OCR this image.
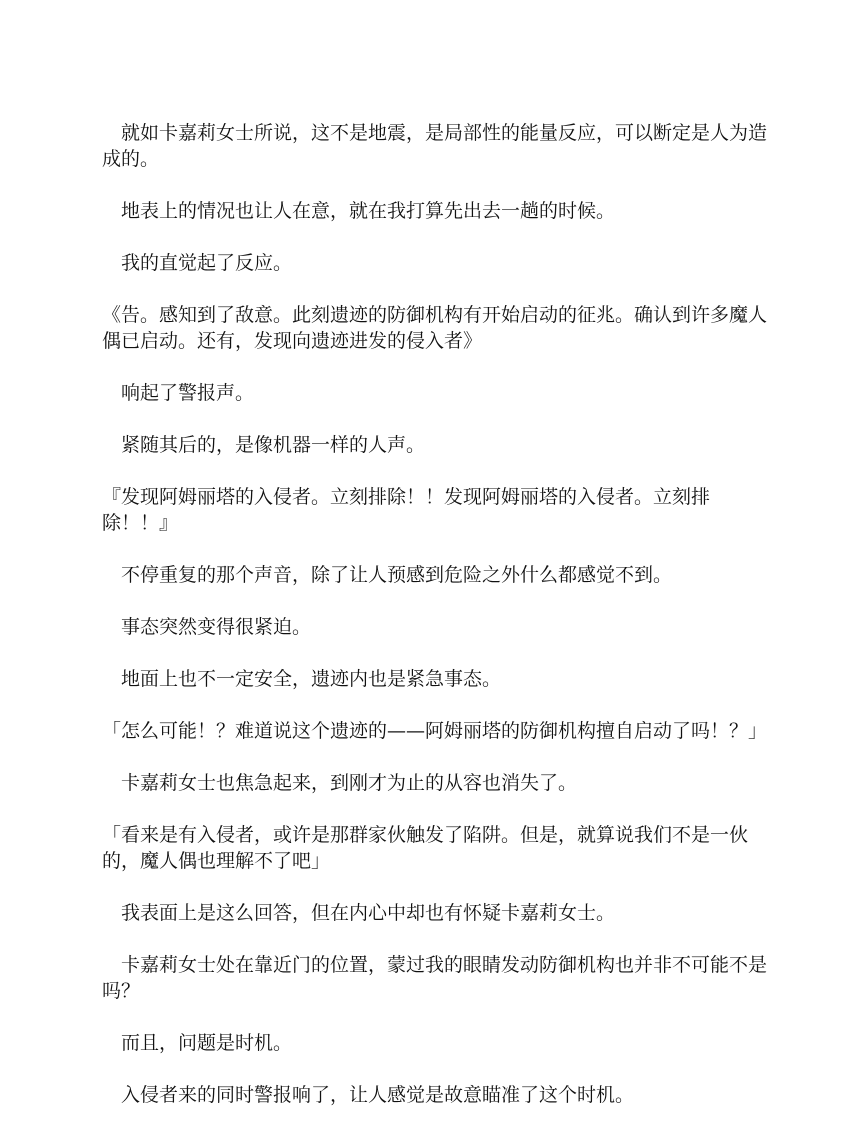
就如卡嘉莉女士所说，这不是地震，是局部性的能量反应，可以断定是人为造成的。

地表上的情况也让人在意，就在我打算先出去一趟的时候。

我的直觉起了反应。

《告。感知到了敌意。此刻遗迹的防御机构有开始启动的征兆。确认到许多魔人偶已启动。还有，发现向遗迹进发的侵入者》

响起了警报声。

紧随其后的，是像机器一样的人声。

『发现阿姆丽塔的入侵者。立刻排除！！发现阿姆丽塔的入侵者。立刻排除！！』

不停重复的那个声音，除了让人预感到危险之外什么都感觉不到。

事态突然变得很紧迫。

地面上也不一定安全，遗迹内也是紧急事态。

「怎么可能！？难道说这个遗迹的——阿姆丽塔的防御机构擅自启动了吗！？」

卡嘉莉女士也焦急起来，到刚才为止的从容也消失了。

「看来是有入侵者，或许是那群家伙触发了陷阱。但是，就算说我们不是一伙的，魔人偶也理解不了吧」

我表面上是这么回答，但在内心中却也有怀疑卡嘉莉女士。

卡嘉莉女士处在靠近门的位置，蒙过我的眼睛发动防御机构也并非不可能不是吗？

而且，问题是时机。

入侵者来的同时警报响了，让人感觉是故意瞄准了这个时机。
